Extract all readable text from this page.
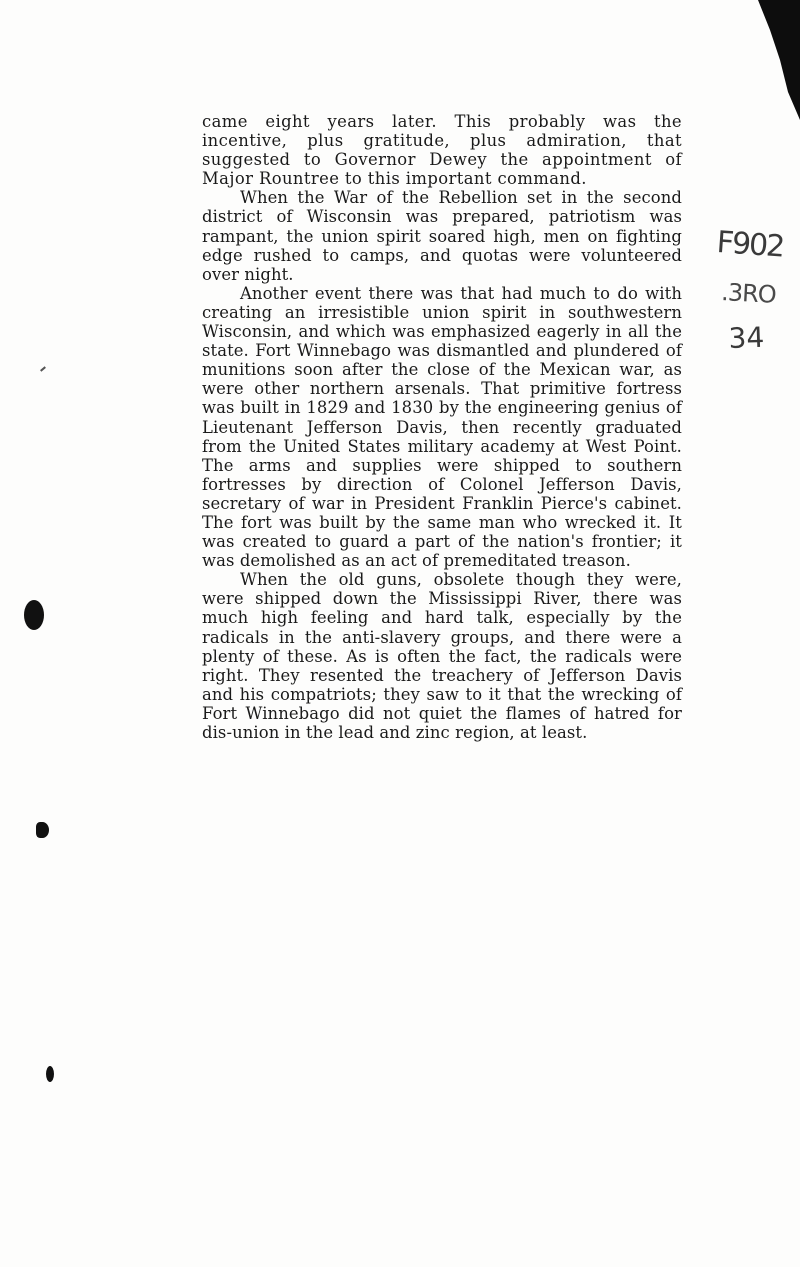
came eight years later. This probably was the incentive, plus gratitude, plus admiration, that suggested to Governor Dewey the appointment of Major Rountree to this important command.

When the War of the Rebellion set in the second district of Wisconsin was prepared, patriotism was rampant, the union spirit soared high, men on fighting edge rushed to camps, and quotas were volunteered over night.

Another event there was that had much to do with creating an irresistible union spirit in southwestern Wisconsin, and which was emphasized eagerly in all the state. Fort Winnebago was dismantled and plundered of munitions soon after the close of the Mexican war, as were other northern arsenals. That primitive fortress was built in 1829 and 1830 by the engineering genius of Lieutenant Jefferson Davis, then recently graduated from the United States military academy at West Point. The arms and supplies were shipped to southern fortresses by direction of Colonel Jefferson Davis, secretary of war in President Franklin Pierce's cabinet. The fort was built by the same man who wrecked it. It was created to guard a part of the nation's frontier; it was demolished as an act of premeditated treason.

When the old guns, obsolete though they were, were shipped down the Mississippi River, there was much high feeling and hard talk, especially by the radicals in the anti-slavery groups, and there were a plenty of these. As is often the fact, the radicals were right. They resented the treachery of Jefferson Davis and his compatriots; they saw to it that the wrecking of Fort Winnebago did not quiet the flames of hatred for dis-union in the lead and zinc region, at least.

F902
.3RO
34
